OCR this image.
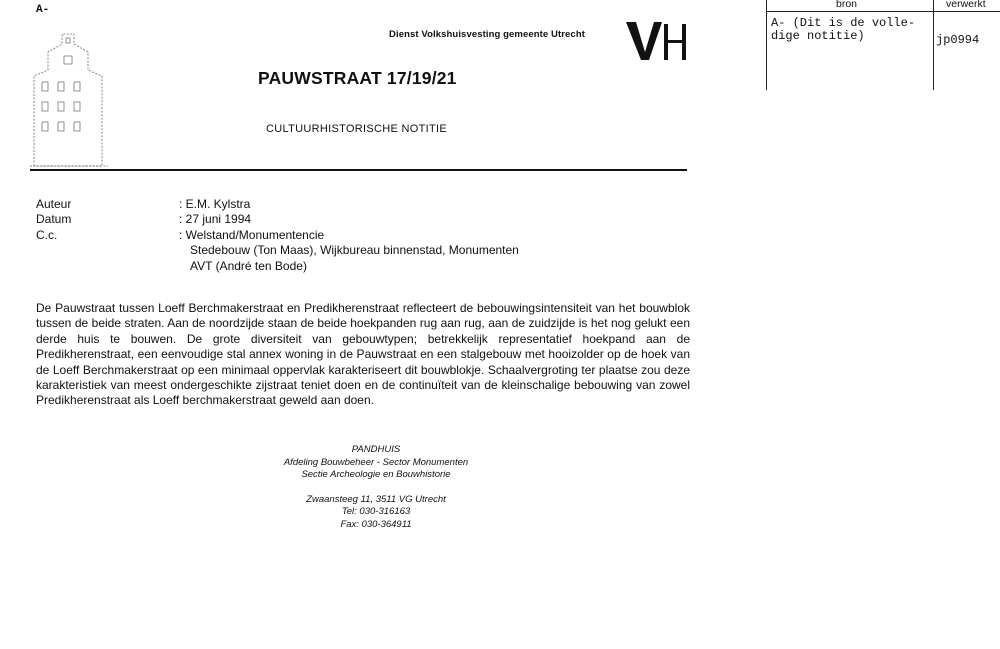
A-
Dienst Volkshuisvesting gemeente Utrecht
VH
PAUWSTRAAT 17/19/21
CULTUURHISTORISCHE NOTITIE
Auteur	: E.M. Kylstra
Datum	: 27 juni 1994
C.c.	: Welstand/Monumentencie
Stedebouw (Ton Maas), Wijkbureau binnenstad, Monumenten
AVT (André ten Bode)
De Pauwstraat tussen Loeff Berchmakerstraat en Predikherenstraat reflecteert de bebouwingsintensiteit van het bouwblok tussen de beide straten. Aan de noordzijde staan de beide hoekpanden rug aan rug, aan de zuidzijde is het nog gelukt een derde huis te bouwen. De grote diversiteit van gebouwtypen; betrekkelijk representatief hoekpand aan de Predikherenstraat, een eenvoudige stal annex woning in de Pauwstraat en een stalgebouw met hooizolder op de hoek van de Loeff Berchmakerstraat op een minimaal oppervlak karakteriseert dit bouwblokje. Schaalvergroting ter plaatse zou deze karakteristiek van meest ondergeschikte zijstraat teniet doen en de continuïteit van de kleinschalige bebouwing van zowel Predikherenstraat als Loeff berchmakerstraat geweld aan doen.
PANDHUIS
Afdeling Bouwbeheer - Sector Monumenten
Sectie Archeologie en Bouwhistorie
Zwaansteeg 11, 3511 VG Utrecht
Tel: 030-316163
Fax: 030-364911
bron	verwerkt
A- (Dit is de volle-
dige notitie)	jp0994
